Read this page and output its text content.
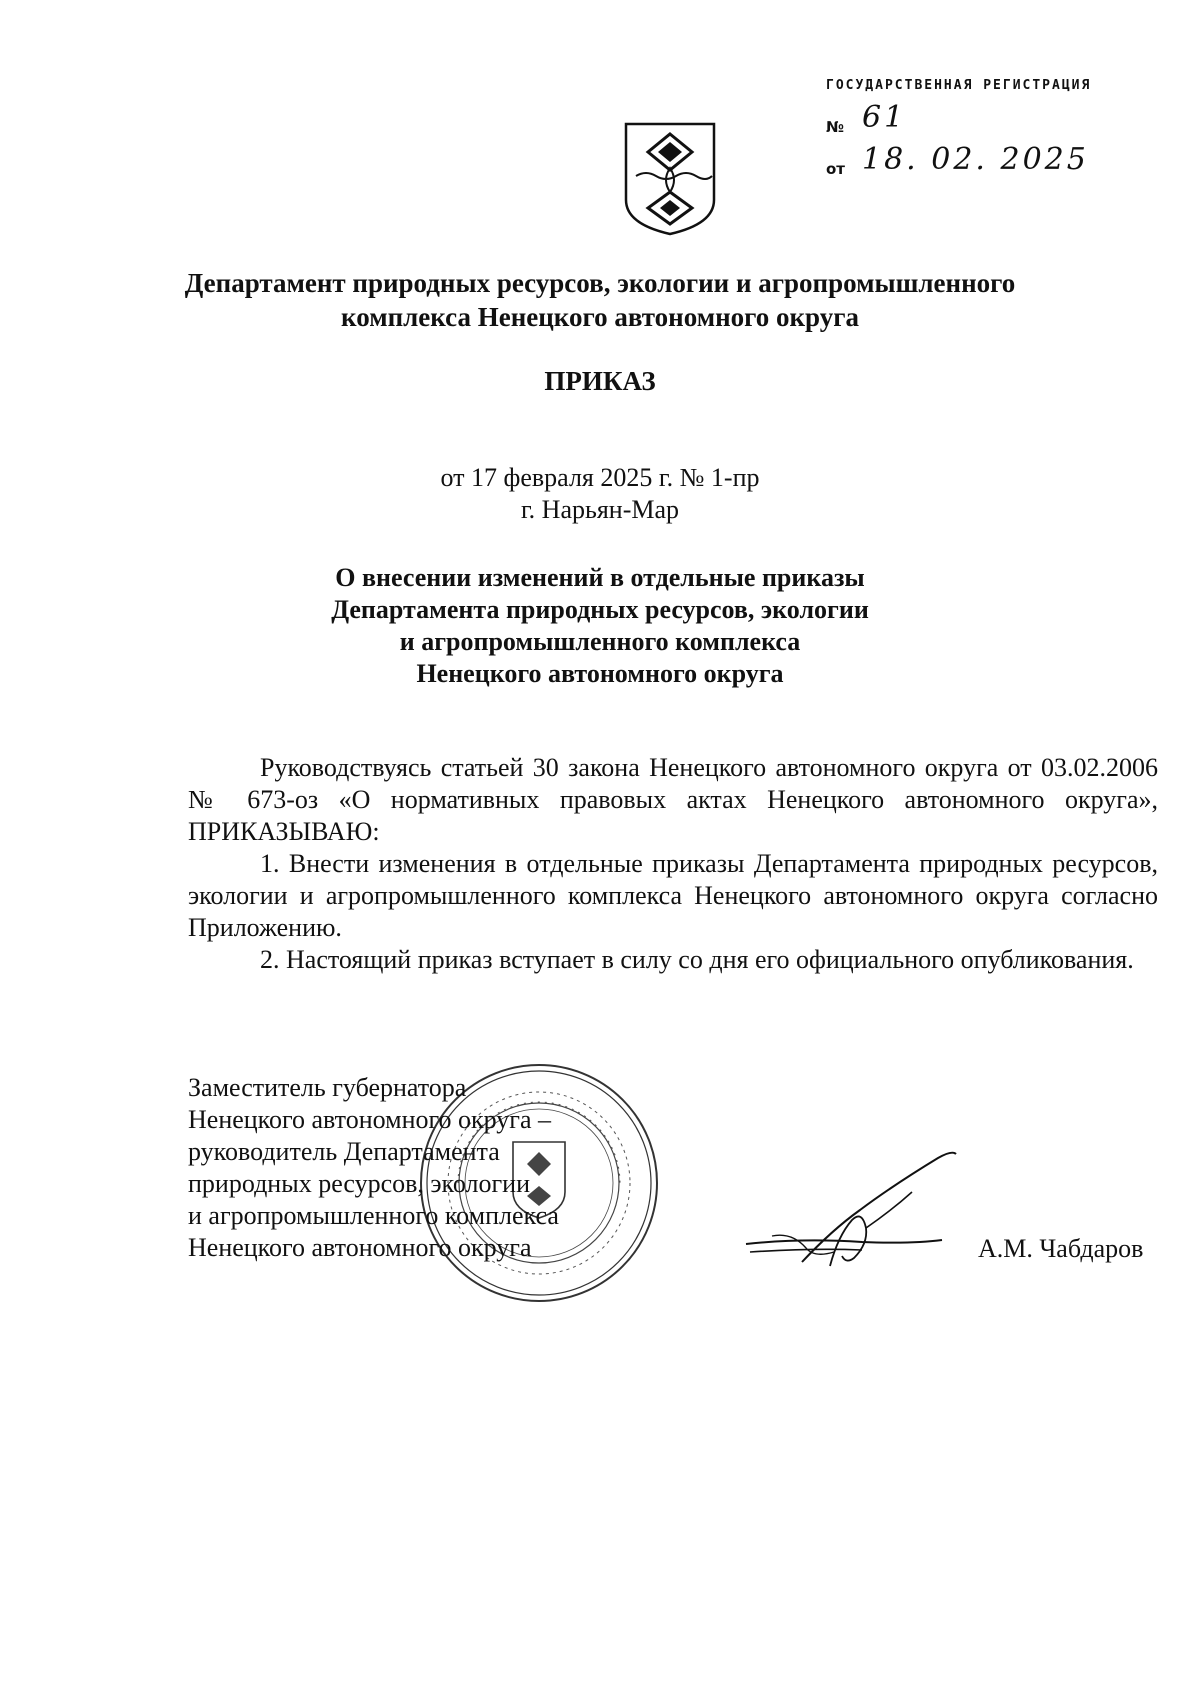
ГОСУДАРСТВЕННАЯ РЕГИСТРАЦИЯ
№ 61
от 18. 02. 2025
Департамент природных ресурсов, экологии и агропромышленного
комплекса Ненецкого автономного округа
ПРИКАЗ
от 17 февраля 2025 г. № 1-пр
г. Нарьян-Мар
О внесении изменений в отдельные приказы
Департамента природных ресурсов, экологии
и агропромышленного комплекса
Ненецкого автономного округа

Руководствуясь статьей 30 закона Ненецкого автономного округа от 03.02.2006 № 673-оз «О нормативных правовых актах Ненецкого автономного округа», ПРИКАЗЫВАЮ:

1. Внести изменения в отдельные приказы Департамента природных ресурсов, экологии и агропромышленного комплекса Ненецкого автономного округа согласно Приложению.

2. Настоящий приказ вступает в силу со дня его официального опубликования.

Заместитель губернатора
Ненецкого автономного округа –
руководитель Департамента
природных ресурсов, экологии
и агропромышленного комплекса
Ненецкого автономного округа	А.М. Чабдаров
